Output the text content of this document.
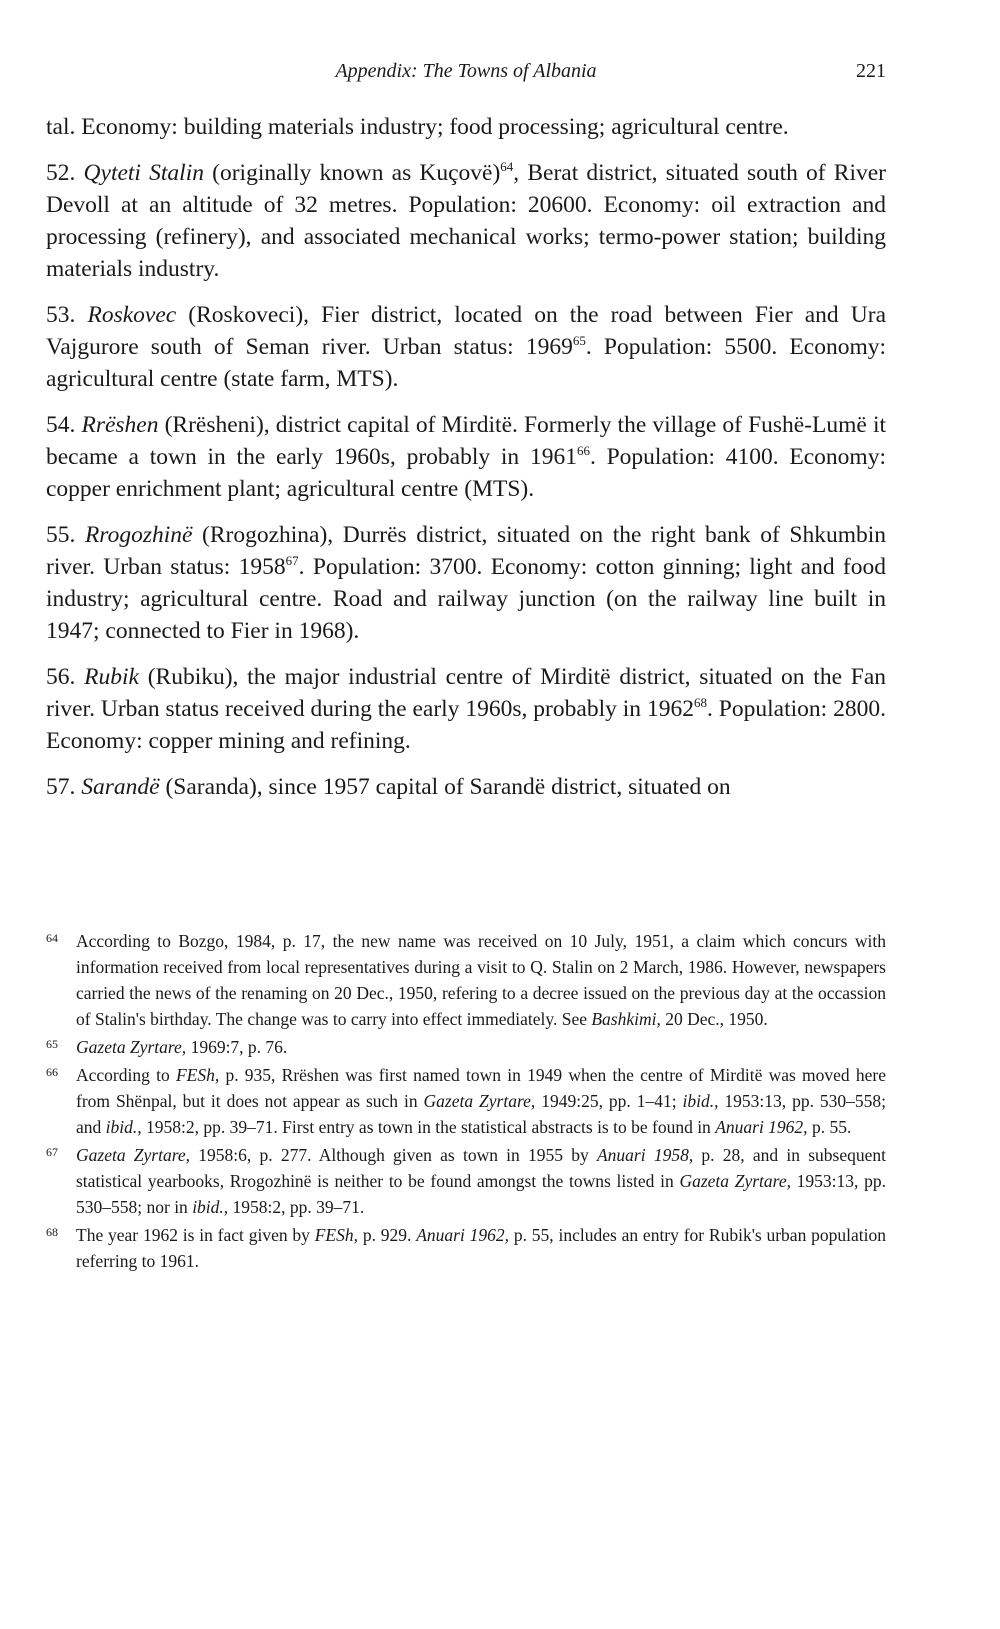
Appendix: The Towns of Albania	221

tal. Economy: building materials industry; food processing; agricultural centre.

52. Qyteti Stalin (originally known as Kuçovë)$^{64}$, Berat district, situated south of River Devoll at an altitude of 32 metres. Population: 20600. Economy: oil extraction and processing (refinery), and associated mechanical works; termo-power station; building materials industry.

53. Roskovec (Roskoveci), Fier district, located on the road between Fier and Ura Vajgurore south of Seman river. Urban status: 1969$^{65}$. Population: 5500. Economy: agricultural centre (state farm, MTS).

54. Rrëshen (Rrësheni), district capital of Mirditë. Formerly the village of Fushë-Lumë it became a town in the early 1960s, probably in 1961$^{66}$. Population: 4100. Economy: copper enrichment plant; agricultural centre (MTS).

55. Rrogozhinë (Rrogozhina), Durrës district, situated on the right bank of Shkumbin river. Urban status: 1958$^{67}$. Population: 3700. Economy: cotton ginning; light and food industry; agricultural centre. Road and railway junction (on the railway line built in 1947; connected to Fier in 1968).

56. Rubik (Rubiku), the major industrial centre of Mirditë district, situated on the Fan river. Urban status received during the early 1960s, probably in 1962$^{68}$. Population: 2800. Economy: copper mining and refining.

57. Sarandë (Saranda), since 1957 capital of Sarandë district, situated on

64 According to Bozgo, 1984, p. 17, the new name was received on 10 July, 1951, a claim which concurs with information received from local representatives during a visit to Q. Stalin on 2 March, 1986. However, newspapers carried the news of the renaming on 20 Dec., 1950, refering to a decree issued on the previous day at the occassion of Stalin's birthday. The change was to carry into effect immediately. See Bashkimi, 20 Dec., 1950.
65 Gazeta Zyrtare, 1969:7, p. 76.
66 According to FESh, p. 935, Rrëshen was first named town in 1949 when the centre of Mirditë was moved here from Shënpal, but it does not appear as such in Gazeta Zyrtare, 1949:25, pp. 1–41; ibid., 1953:13, pp. 530–558; and ibid., 1958:2, pp. 39–71. First entry as town in the statistical abstracts is to be found in Anuari 1962, p. 55.
67 Gazeta Zyrtare, 1958:6, p. 277. Although given as town in 1955 by Anuari 1958, p. 28, and in subsequent statistical yearbooks, Rrogozhinë is neither to be found amongst the towns listed in Gazeta Zyrtare, 1953:13, pp. 530–558; nor in ibid., 1958:2, pp. 39–71.
68 The year 1962 is in fact given by FESh, p. 929. Anuari 1962, p. 55, includes an entry for Rubik's urban population referring to 1961.
